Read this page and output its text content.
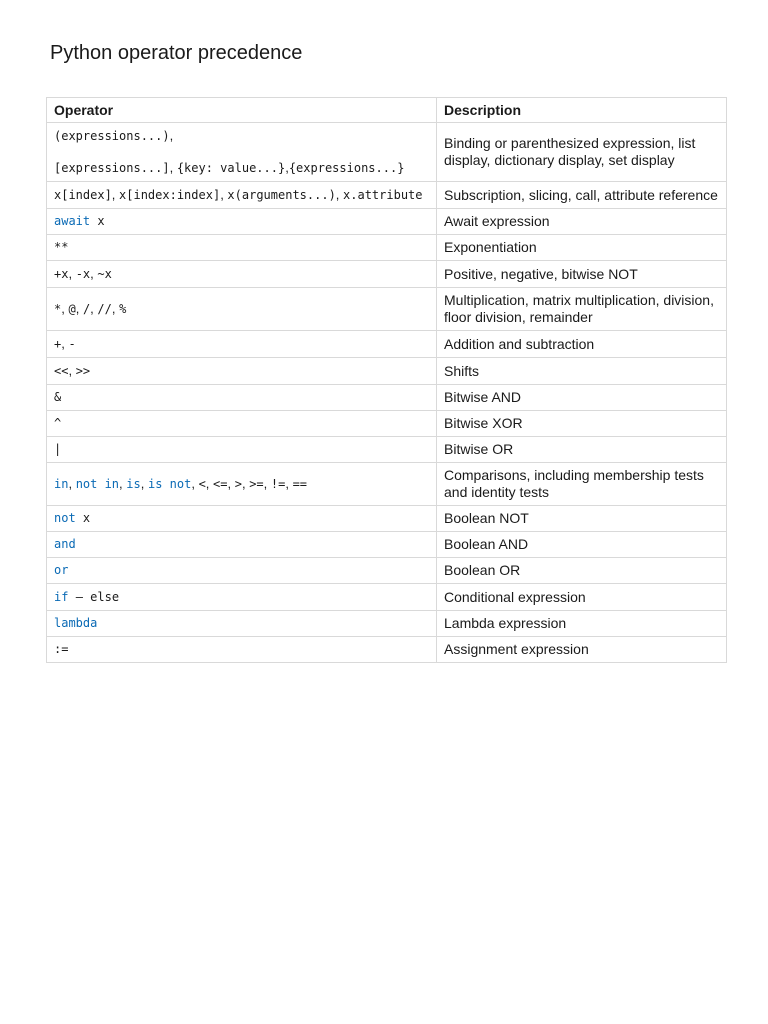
Python operator precedence
Operator	Description

(expressions...),
[expressions...], {key: value...},{expressions...}	Binding or parenthesized expression, list display, dictionary display, set display
x[index], x[index:index], x(arguments...), x.attribute	Subscription, slicing, call, attribute reference
await x	Await expression
**	Exponentiation
+x, -x, ~x	Positive, negative, bitwise NOT
*, @, /, //, %	Multiplication, matrix multiplication, division, floor division, remainder
+, -	Addition and subtraction
<<, >>	Shifts
&	Bitwise AND
^	Bitwise XOR
|	Bitwise OR
in, not in, is, is not, <, <=, >, >=, !=, ==	Comparisons, including membership tests and identity tests
not x	Boolean NOT
and	Boolean AND
or	Boolean OR
if – else	Conditional expression
lambda	Lambda expression
:=	Assignment expression
